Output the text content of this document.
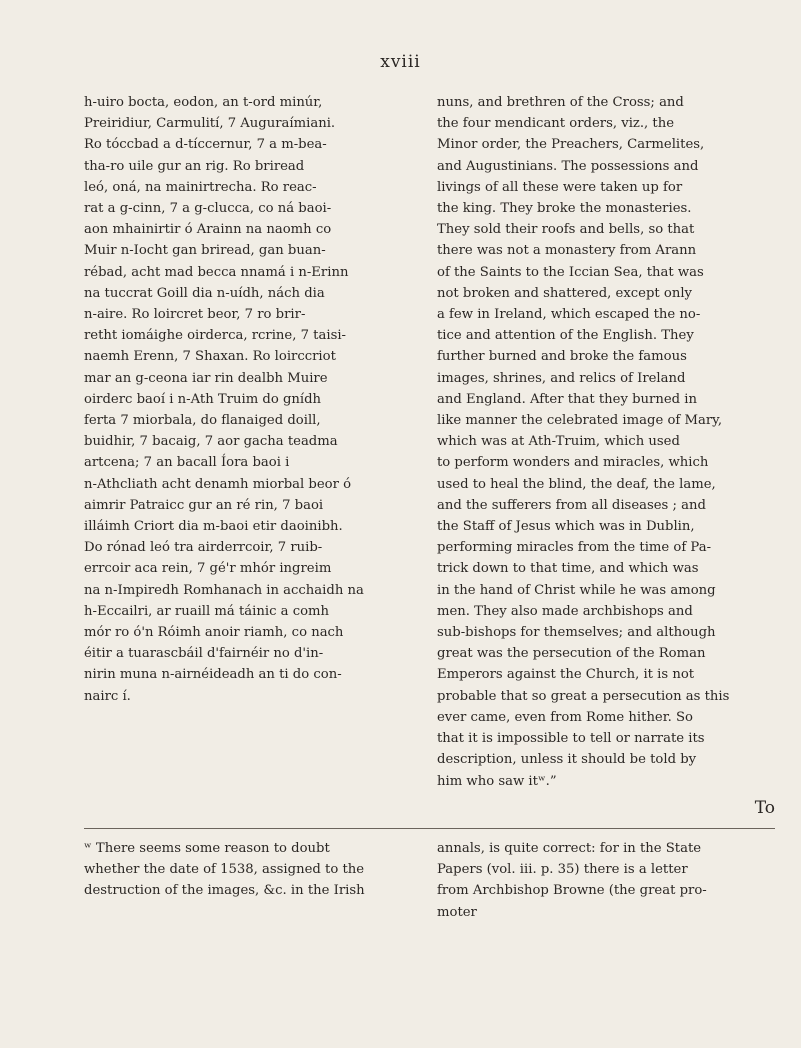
xviii
h-uiro bocta, eodon, an t-ord minúr,
Preiridiur, Carmulití, 7 Auguraímiani.
Ro tóccbad a d-tíccernur, 7 a m-bea-
tha-ro uile gur an rig. Ro briread
leó, oná, na mainirtrecha. Ro reac-
rat a g-cinn, 7 a g-clucca, co ná baoi-
aon mhainirtir ó Arainn na naomh co
Muir n-Iocht gan briread, gan buan-
rébad, acht mad becca nnamá i n-Erinn
na tuccrat Goill dia n-uídh, nách dia
n-aire. Ro loircret beor, 7 ro brir-
retht iomáighe oirderca, rcrine, 7 taisi-
naemh Erenn, 7 Shaxan. Ro loirccriot
mar an g-ceona iar rin dealbh Muire
oirderc baoí i n-Ath Truim do gnídh
ferta 7 miorbala, do flanaiged doill,
buidhir, 7 bacaig, 7 aor gacha teadma
artcena; 7 an bacall Íora baoi i
n-Athcliath acht denamh miorbal beor ó
aimrir Patraicc gur an ré rin, 7 baoi
illáimh Criort dia m-baoi etir daoinibh.
Do rónad leó tra airderrcoir, 7 ruib-
errcoir aca rein, 7 gé'r mhór ingreim
na n-Impiredh Romhanach in acchaidh na
h-Eccailri, ar ruaill má táinic a comh
mór ro ó'n Róimh anoir riamh, co nach
éitir a tuarascbáil d'fairnéir no d'in-
nirin muna n-airnéideadh an ti do con-
nairc í.
nuns, and brethren of the Cross; and
the four mendicant orders, viz., the
Minor order, the Preachers, Carmelites,
and Augustinians. The possessions and
livings of all these were taken up for
the king. They broke the monasteries.
They sold their roofs and bells, so that
there was not a monastery from Arann
of the Saints to the Iccian Sea, that was
not broken and shattered, except only
a few in Ireland, which escaped the no-
tice and attention of the English. They
further burned and broke the famous
images, shrines, and relics of Ireland
and England. After that they burned in
like manner the celebrated image of Mary,
which was at Ath-Truim, which used
to perform wonders and miracles, which
used to heal the blind, the deaf, the lame,
and the sufferers from all diseases ; and
the Staff of Jesus which was in Dublin,
performing miracles from the time of Pa-
trick down to that time, and which was
in the hand of Christ while he was among
men. They also made archbishops and
sub-bishops for themselves; and although
great was the persecution of the Roman
Emperors against the Church, it is not
probable that so great a persecution as this
ever came, even from Rome hither. So
that it is impossible to tell or narrate its
description, unless it should be told by
him who saw itʷ.”
To
ʷ There seems some reason to doubt
whether the date of 1538, assigned to the
destruction of the images, &c. in the Irish
annals, is quite correct: for in the State
Papers (vol. iii. p. 35) there is a letter
from Archbishop Browne (the great pro-
moter
